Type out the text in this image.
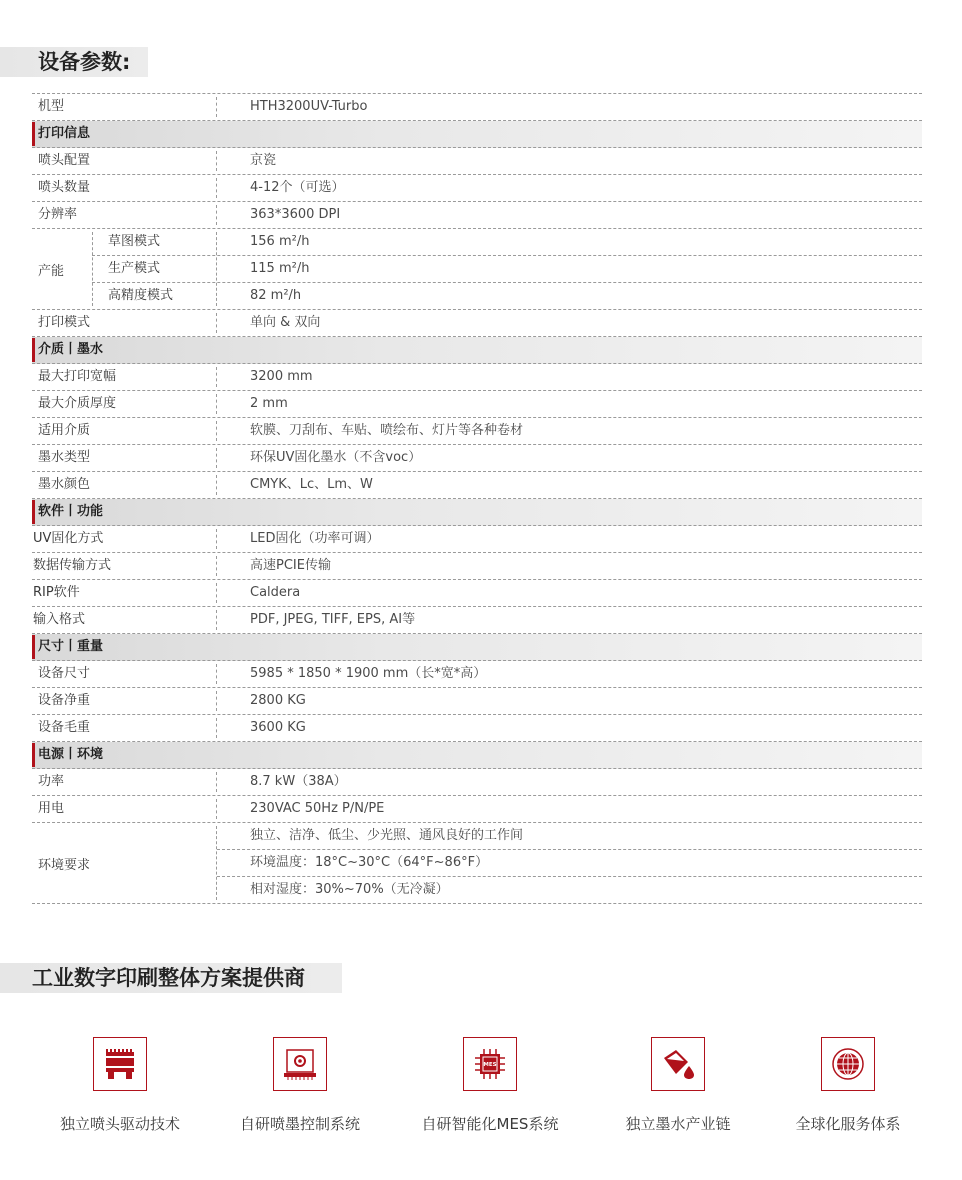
设备参数:
机型	HTH3200UV-Turbo
打印信息
喷头配置	京瓷
喷头数量	4-12个（可选）
分辨率	363*3600 DPI
产能
草图模式	156 m²/h
生产模式	115 m²/h
高精度模式	82 m²/h
打印模式	单向 & 双向
介质丨墨水
最大打印宽幅	3200 mm
最大介质厚度	2 mm
适用介质	软膜、刀刮布、车贴、喷绘布、灯片等各种卷材
墨水类型	环保UV固化墨水（不含voc）
墨水颜色	CMYK、Lc、Lm、W
软件丨功能
UV固化方式	LED固化（功率可调）
数据传输方式	高速PCIE传输
RIP软件	Caldera
输入格式	PDF, JPEG, TIFF, EPS, AI等
尺寸丨重量
设备尺寸	5985 * 1850 * 1900 mm（长*宽*高）
设备净重	2800 KG
设备毛重	3600 KG
电源丨环境
功率	8.7 kW（38A）
用电	230VAC 50Hz P/N/PE
环境要求
独立、洁净、低尘、少光照、通风良好的工作间
环境温度：18°C~30°C（64°F~86°F）
相对湿度：30%~70%（无冷凝）
工业数字印刷整体方案提供商
独立喷头驱动技术	自研喷墨控制系统
MES
自研智能化MES系统	独立墨水产业链	全球化服务体系
